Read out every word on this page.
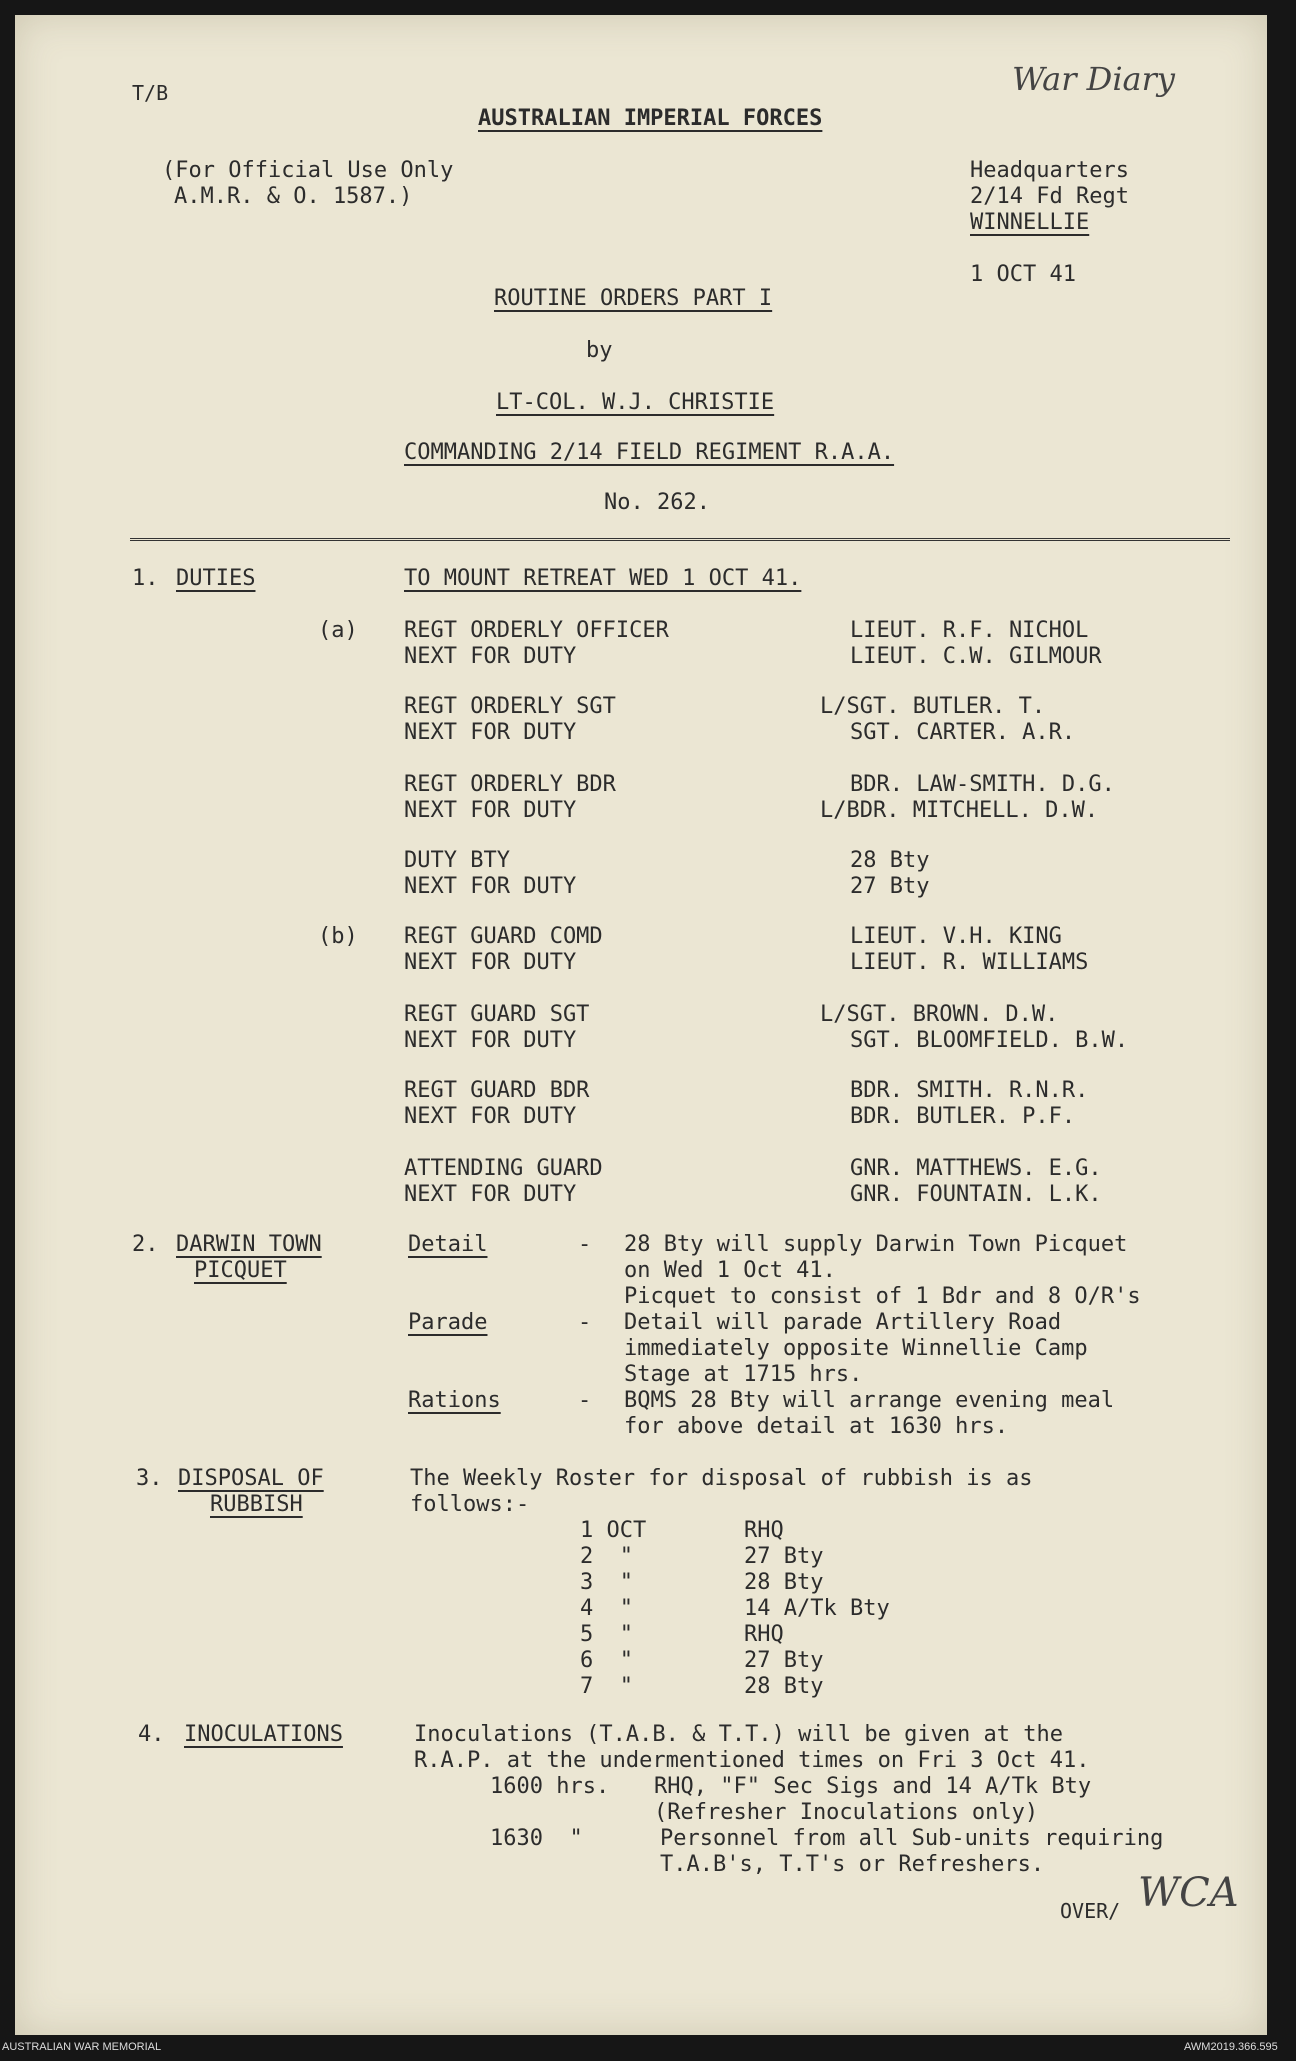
T/B
AUSTRALIAN IMPERIAL FORCES
War Diary
(For Official Use Only
A.M.R. & O. 1587.)
Headquarters
2/14 Fd Regt
WINNELLIE
1 OCT 41
ROUTINE ORDERS PART I
by
LT-COL. W.J. CHRISTIE
COMMANDING 2/14 FIELD REGIMENT R.A.A.
No. 262.
1. DUTIES	TO MOUNT RETREAT WED 1 OCT 41.
(a) REGT ORDERLY OFFICER	LIEUT. R.F. NICHOL
NEXT FOR DUTY	LIEUT. C.W. GILMOUR
REGT ORDERLY SGT	L/SGT. BUTLER. T.
NEXT FOR DUTY	SGT. CARTER. A.R.
REGT ORDERLY BDR	BDR. LAW-SMITH. D.G.
NEXT FOR DUTY	L/BDR. MITCHELL. D.W.
DUTY BTY	28 Bty
NEXT FOR DUTY	27 Bty
(b) REGT GUARD COMD	LIEUT. V.H. KING
NEXT FOR DUTY	LIEUT. R. WILLIAMS
REGT GUARD SGT	L/SGT. BROWN. D.W.
NEXT FOR DUTY	SGT. BLOOMFIELD. B.W.
REGT GUARD BDR	BDR. SMITH. R.N.R.
NEXT FOR DUTY	BDR. BUTLER. P.F.
ATTENDING GUARD	GNR. MATTHEWS. E.G.
NEXT FOR DUTY	GNR. FOUNTAIN. L.K.
2. DARWIN TOWN
PICQUET
Detail	- 28 Bty will supply Darwin Town Picquet
on Wed 1 Oct 41.
Picquet to consist of 1 Bdr and 8 O/R's
Parade	- Detail will parade Artillery Road
immediately opposite Winnellie Camp
Stage at 1715 hrs.
Rations	- BQMS 28 Bty will arrange evening meal
for above detail at 1630 hrs.
3. DISPOSAL OF
RUBBISH
The Weekly Roster for disposal of rubbish is as
follows:-
1 OCT	RHQ
2  "	27 Bty
3  "	28 Bty
4  "	14 A/Tk Bty
5  "	RHQ
6  "	27 Bty
7  "	28 Bty
4. INOCULATIONS	Inoculations (T.A.B. & T.T.) will be given at the
R.A.P. at the undermentioned times on Fri 3 Oct 41.
1600 hrs. RHQ, "F" Sec Sigs and 14 A/Tk Bty
(Refresher Inoculations only)
1630  "	Personnel from all Sub-units requiring
T.A.B's, T.T's or Refreshers.
OVER/ WCA
AUSTRALIAN WAR MEMORIAL	AWM2019.366.595
